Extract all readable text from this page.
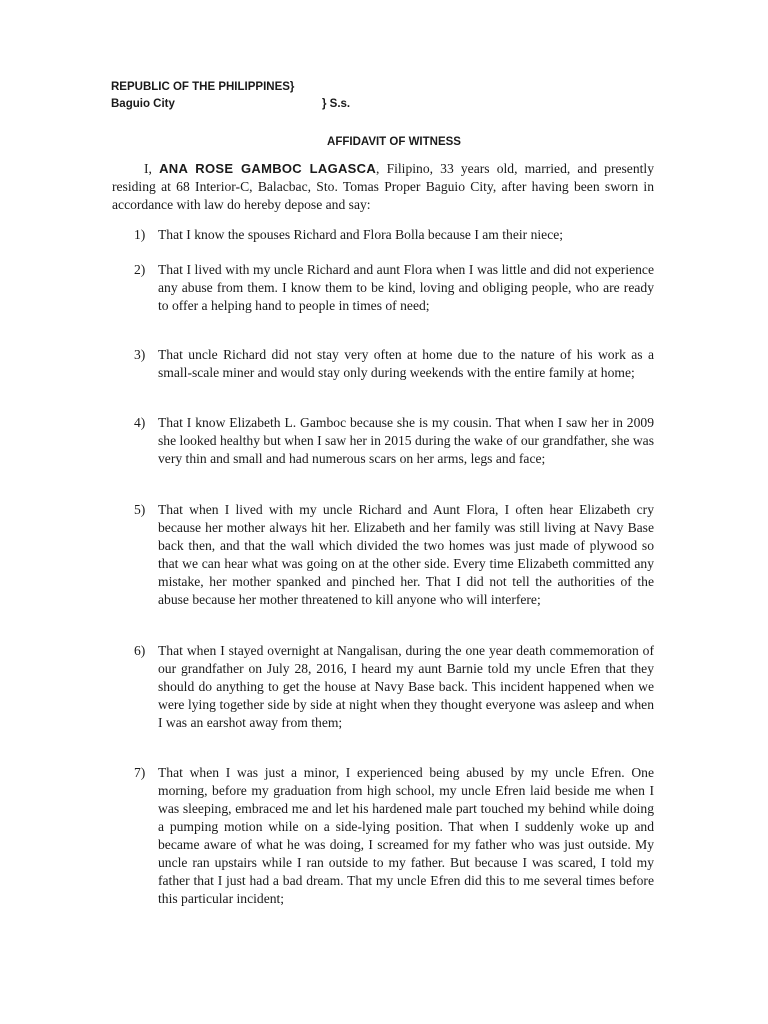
REPUBLIC OF THE PHILIPPINES}
Baguio City	} S.s.
AFFIDAVIT OF WITNESS

I, ANA ROSE GAMBOC LAGASCA, Filipino, 33 years old, married, and presently residing at 68 Interior-C, Balacbac, Sto. Tomas Proper Baguio City, after having been sworn in accordance with law do hereby depose and say:

1) That I know the spouses Richard and Flora Bolla because I am their niece;
2) That I lived with my uncle Richard and aunt Flora when I was little and did not experience any abuse from them. I know them to be kind, loving and obliging people, who are ready to offer a helping hand to people in times of need;
3) That uncle Richard did not stay very often at home due to the nature of his work as a small-scale miner and would stay only during weekends with the entire family at home;
4) That I know Elizabeth L. Gamboc because she is my cousin. That when I saw her in 2009 she looked healthy but when I saw her in 2015 during the wake of our grandfather, she was very thin and small and had numerous scars on her arms, legs and face;
5) That when I lived with my uncle Richard and Aunt Flora, I often hear Elizabeth cry because her mother always hit her. Elizabeth and her family was still living at Navy Base back then, and that the wall which divided the two homes was just made of plywood so that we can hear what was going on at the other side. Every time Elizabeth committed any mistake, her mother spanked and pinched her. That I did not tell the authorities of the abuse because her mother threatened to kill anyone who will interfere;
6) That when I stayed overnight at Nangalisan, during the one year death commemoration of our grandfather on July 28, 2016, I heard my aunt Barnie told my uncle Efren that they should do anything to get the house at Navy Base back. This incident happened when we were lying together side by side at night when they thought everyone was asleep and when I was an earshot away from them;
7) That when I was just a minor, I experienced being abused by my uncle Efren. One morning, before my graduation from high school, my uncle Efren laid beside me when I was sleeping, embraced me and let his hardened male part touched my behind while doing a pumping motion while on a side-lying position. That when I suddenly woke up and became aware of what he was doing, I screamed for my father who was just outside. My uncle ran upstairs while I ran outside to my father. But because I was scared, I told my father that I just had a bad dream. That my uncle Efren did this to me several times before this particular incident;
